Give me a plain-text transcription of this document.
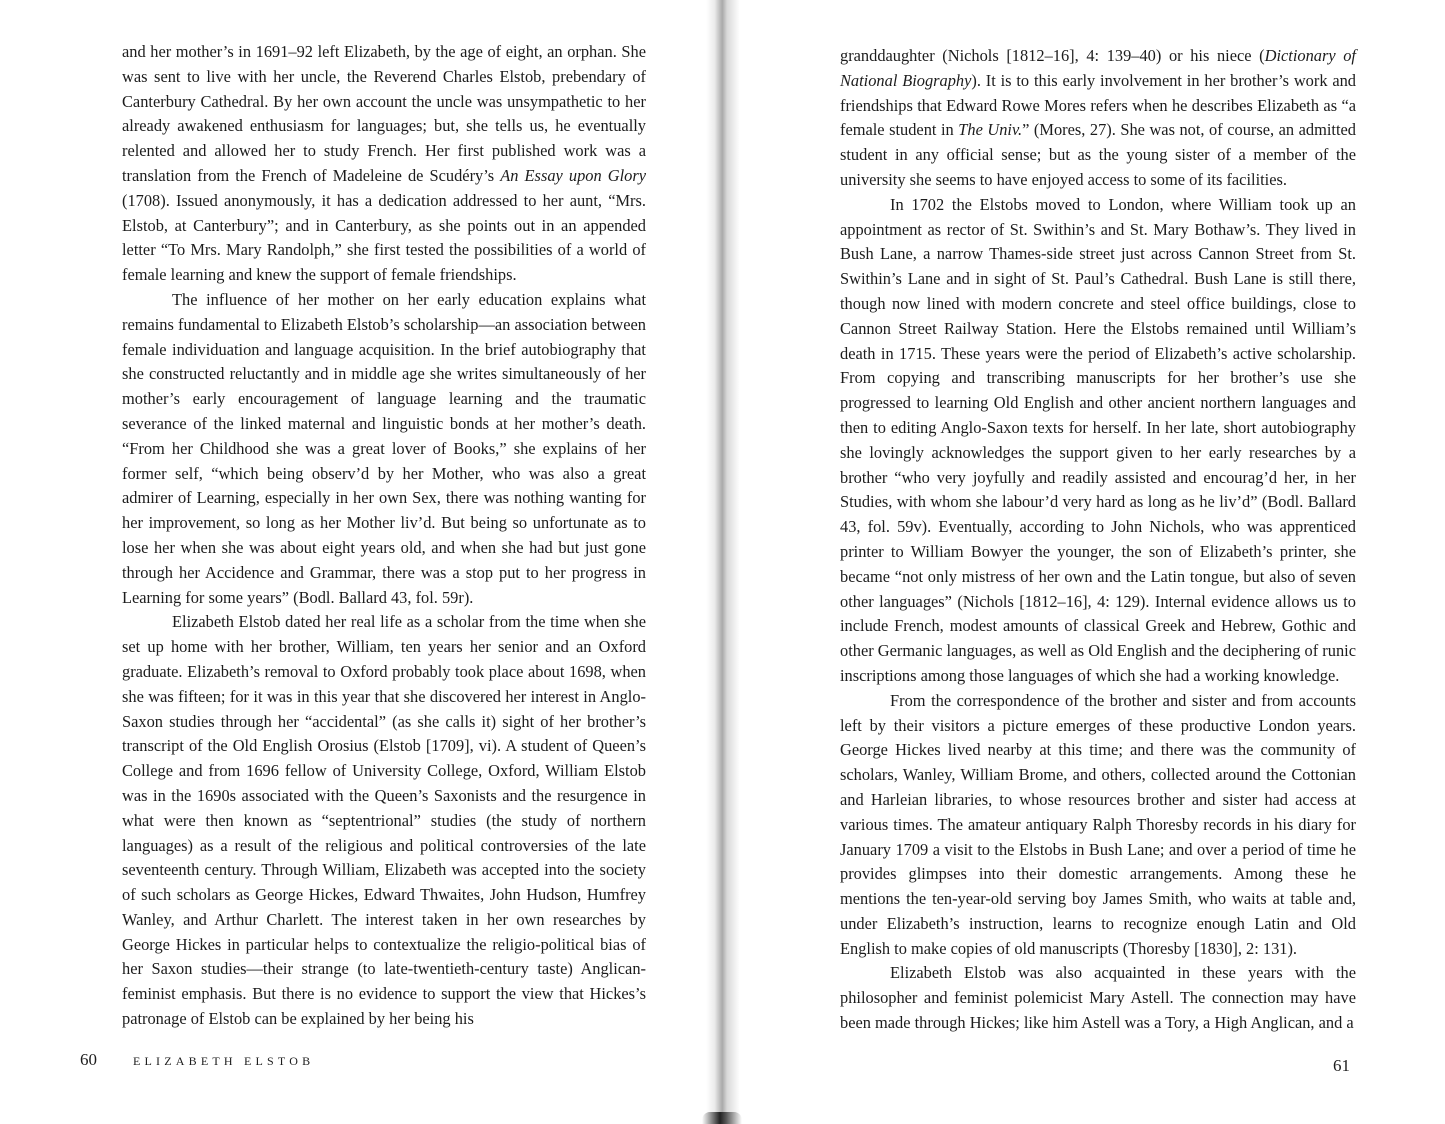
and her mother’s in 1691–92 left Elizabeth, by the age of eight, an orphan. She was sent to live with her uncle, the Reverend Charles Elstob, prebendary of Canterbury Cathedral. By her own account the uncle was unsympathetic to her already awakened enthusiasm for languages; but, she tells us, he eventually relented and allowed her to study French. Her first published work was a translation from the French of Madeleine de Scudéry’s An Essay upon Glory (1708). Issued anonymously, it has a dedication addressed to her aunt, “Mrs. Elstob, at Canterbury”; and in Canterbury, as she points out in an appended letter “To Mrs. Mary Randolph,” she first tested the possibilities of a world of female learning and knew the support of female friendships.

The influence of her mother on her early education explains what remains fundamental to Elizabeth Elstob’s scholarship—an association between female individuation and language acquisition. In the brief autobiography that she constructed reluctantly and in middle age she writes simultaneously of her mother’s early encouragement of language learning and the traumatic severance of the linked maternal and linguistic bonds at her mother’s death. “From her Childhood she was a great lover of Books,” she explains of her former self, “which being observ’d by her Mother, who was also a great admirer of Learning, especially in her own Sex, there was nothing wanting for her improvement, so long as her Mother liv’d. But being so unfortunate as to lose her when she was about eight years old, and when she had but just gone through her Accidence and Grammar, there was a stop put to her progress in Learning for some years” (Bodl. Ballard 43, fol. 59r).

Elizabeth Elstob dated her real life as a scholar from the time when she set up home with her brother, William, ten years her senior and an Oxford graduate. Elizabeth’s removal to Oxford probably took place about 1698, when she was fifteen; for it was in this year that she discovered her interest in Anglo-Saxon studies through her “accidental” (as she calls it) sight of her brother’s transcript of the Old English Orosius (Elstob [1709], vi). A student of Queen’s College and from 1696 fellow of University College, Oxford, William Elstob was in the 1690s associated with the Queen’s Saxonists and the resurgence in what were then known as “septentrional” studies (the study of northern languages) as a result of the religious and political controversies of the late seventeenth century. Through William, Elizabeth was accepted into the society of such scholars as George Hickes, Edward Thwaites, John Hudson, Humfrey Wanley, and Arthur Charlett. The interest taken in her own researches by George Hickes in particular helps to contextualize the religio-political bias of her Saxon studies—their strange (to late-twentieth-century taste) Anglican-feminist emphasis. But there is no evidence to support the view that Hickes’s patronage of Elstob can be explained by her being his

60	ELIZABETH ELSTOB

granddaughter (Nichols [1812–16], 4: 139–40) or his niece (Dictionary of National Biography). It is to this early involvement in her brother’s work and friendships that Edward Rowe Mores refers when he describes Elizabeth as “a female student in The Univ.” (Mores, 27). She was not, of course, an admitted student in any official sense; but as the young sister of a member of the university she seems to have enjoyed access to some of its facilities.

In 1702 the Elstobs moved to London, where William took up an appointment as rector of St. Swithin’s and St. Mary Bothaw’s. They lived in Bush Lane, a narrow Thames-side street just across Cannon Street from St. Swithin’s Lane and in sight of St. Paul’s Cathedral. Bush Lane is still there, though now lined with modern concrete and steel office buildings, close to Cannon Street Railway Station. Here the Elstobs remained until William’s death in 1715. These years were the period of Elizabeth’s active scholarship. From copying and transcribing manuscripts for her brother’s use she progressed to learning Old English and other ancient northern languages and then to editing Anglo-Saxon texts for herself. In her late, short autobiography she lovingly acknowledges the support given to her early researches by a brother “who very joyfully and readily assisted and encourag’d her, in her Studies, with whom she labour’d very hard as long as he liv’d” (Bodl. Ballard 43, fol. 59v). Eventually, according to John Nichols, who was apprenticed printer to William Bowyer the younger, the son of Elizabeth’s printer, she became “not only mistress of her own and the Latin tongue, but also of seven other languages” (Nichols [1812–16], 4: 129). Internal evidence allows us to include French, modest amounts of classical Greek and Hebrew, Gothic and other Germanic languages, as well as Old English and the deciphering of runic inscriptions among those languages of which she had a working knowledge.

From the correspondence of the brother and sister and from accounts left by their visitors a picture emerges of these productive London years. George Hickes lived nearby at this time; and there was the community of scholars, Wanley, William Brome, and others, collected around the Cottonian and Harleian libraries, to whose resources brother and sister had access at various times. The amateur antiquary Ralph Thoresby records in his diary for January 1709 a visit to the Elstobs in Bush Lane; and over a period of time he provides glimpses into their domestic arrangements. Among these he mentions the ten-year-old serving boy James Smith, who waits at table and, under Elizabeth’s instruction, learns to recognize enough Latin and Old English to make copies of old manuscripts (Thoresby [1830], 2: 131).

Elizabeth Elstob was also acquainted in these years with the philosopher and feminist polemicist Mary Astell. The connection may have been made through Hickes; like him Astell was a Tory, a High Anglican, and a

61
